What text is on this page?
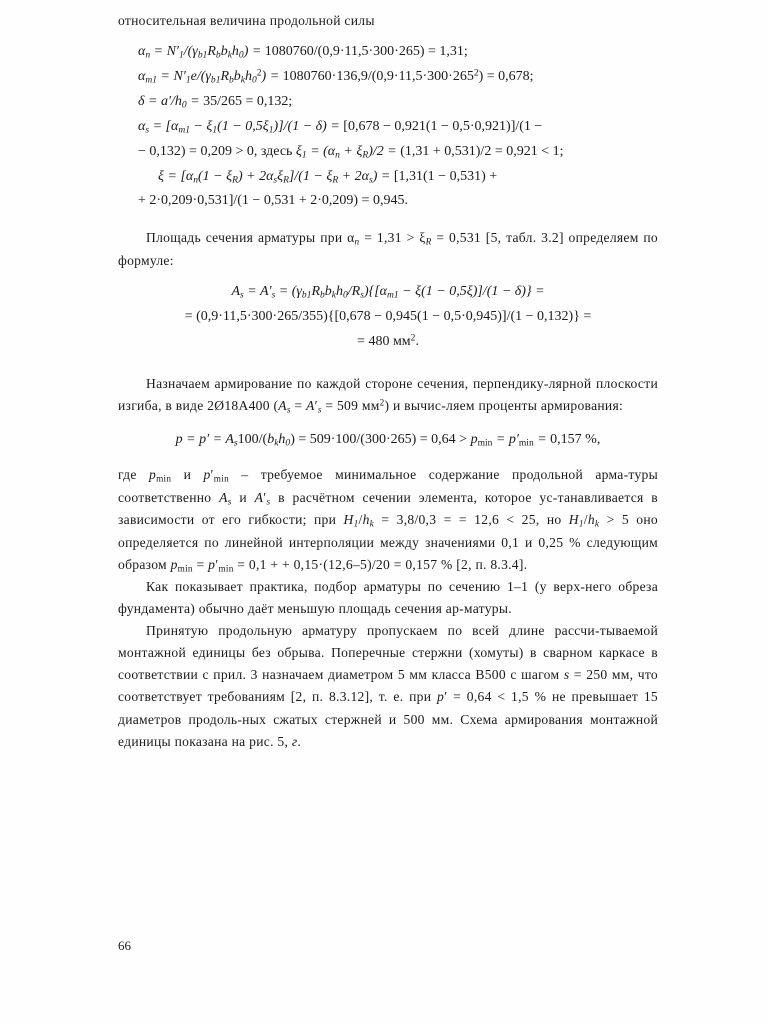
относительная величина продольной силы

$\alpha_n = N'_1/(\gamma_{b1}R_bb_kh_0) = 1080760/(0,9\cdot 11,5\cdot 300\cdot 265) = 1,31$;
$\alpha_{m1} = N'_1e/(\gamma_{b1}R_bb_kh_0^2) = 1080760\cdot 136,9/(0,9\cdot 11,5\cdot 300\cdot 265^2) = 0,678$;
$\delta = a'/h_0 = 35/265 = 0,132$;
$\alpha_s = [\alpha_{m1} - \xi_1(1 - 0,5\xi_1)]/(1 - \delta) = [0,678 - 0,921(1 - 0,5\cdot 0,921)]/(1$ −
− 0,132) = 0,209 > 0, здесь $\xi_1 = (\alpha_n + \xi_R)/2 = (1,31 + 0,531)/2 = 0,921 < 1$;
$\xi = [\alpha_n(1 - \xi_R) + 2\alpha_s\xi_R]/(1 - \xi_R + 2\alpha_s) = [1,31(1 - 0,531)$ +
+ 2·0,209·0,531]/(1 − 0,531 + 2·0,209) = 0,945.

Площадь сечения арматуры при $\alpha_n = 1,31 > \xi_R = 0,531$ [5, табл. 3.2] определяем по формуле:

$A_s = A'_s = (\gamma_{b1}R_bb_kh_0/R_s)\{[\alpha_{m1} - \xi(1 - 0,5\xi)]/(1 - \delta)\}$ =
= (0,9·11,5·300·265/355){[0,678 − 0,945(1 − 0,5·0,945)]/(1 − 0,132)} =
= 480 $мм^2$.

Назначаем армирование по каждой стороне сечения, перпендику-лярной плоскости изгиба, в виде 2Ø18А400 ($A_s = A'_s = 509$ $мм^2$) и вычис-ляем проценты армирования:

$p = p' = A_s100/(b_kh_0) = 509\cdot 100/(300\cdot 265) = 0,64 > p_{min} = p'_{min} = 0,157$ %,

где $p_{min}$ и $p'_{min}$ – требуемое минимальное содержание продольной арма-туры соответственно $A_s$ и $A'_s$ в расчётном сечении элемента, которое ус-танавливается в зависимости от его гибкости; при $H_1/h_k = 3,8/0,3$ = = 12,6 < 25, но $H_1/h_k > 5$ оно определяется по линейной интерполяции между значениями 0,1 и 0,25 % следующим образом $p_{min} = p'_{min} = 0,1$ + + 0,15·(12,6–5)/20 = 0,157 % [2, п. 8.3.4].

Как показывает практика, подбор арматуры по сечению 1–1 (у верх-него обреза фундамента) обычно даёт меньшую площадь сечения ар-матуры.

Принятую продольную арматуру пропускаем по всей длине рассчи-тываемой монтажной единицы без обрыва. Поперечные стержни (хомуты) в сварном каркасе в соответствии с прил. 3 назначаем диаметром 5 мм класса В500 с шагом s = 250 мм, что соответствует требованиям [2, п. 8.3.12], т. е. при p′ = 0,64 < 1,5 % не превышает 15 диаметров продоль-ных сжатых стержней и 500 мм. Схема армирования монтажной единицы показана на рис. 5, г.

66
